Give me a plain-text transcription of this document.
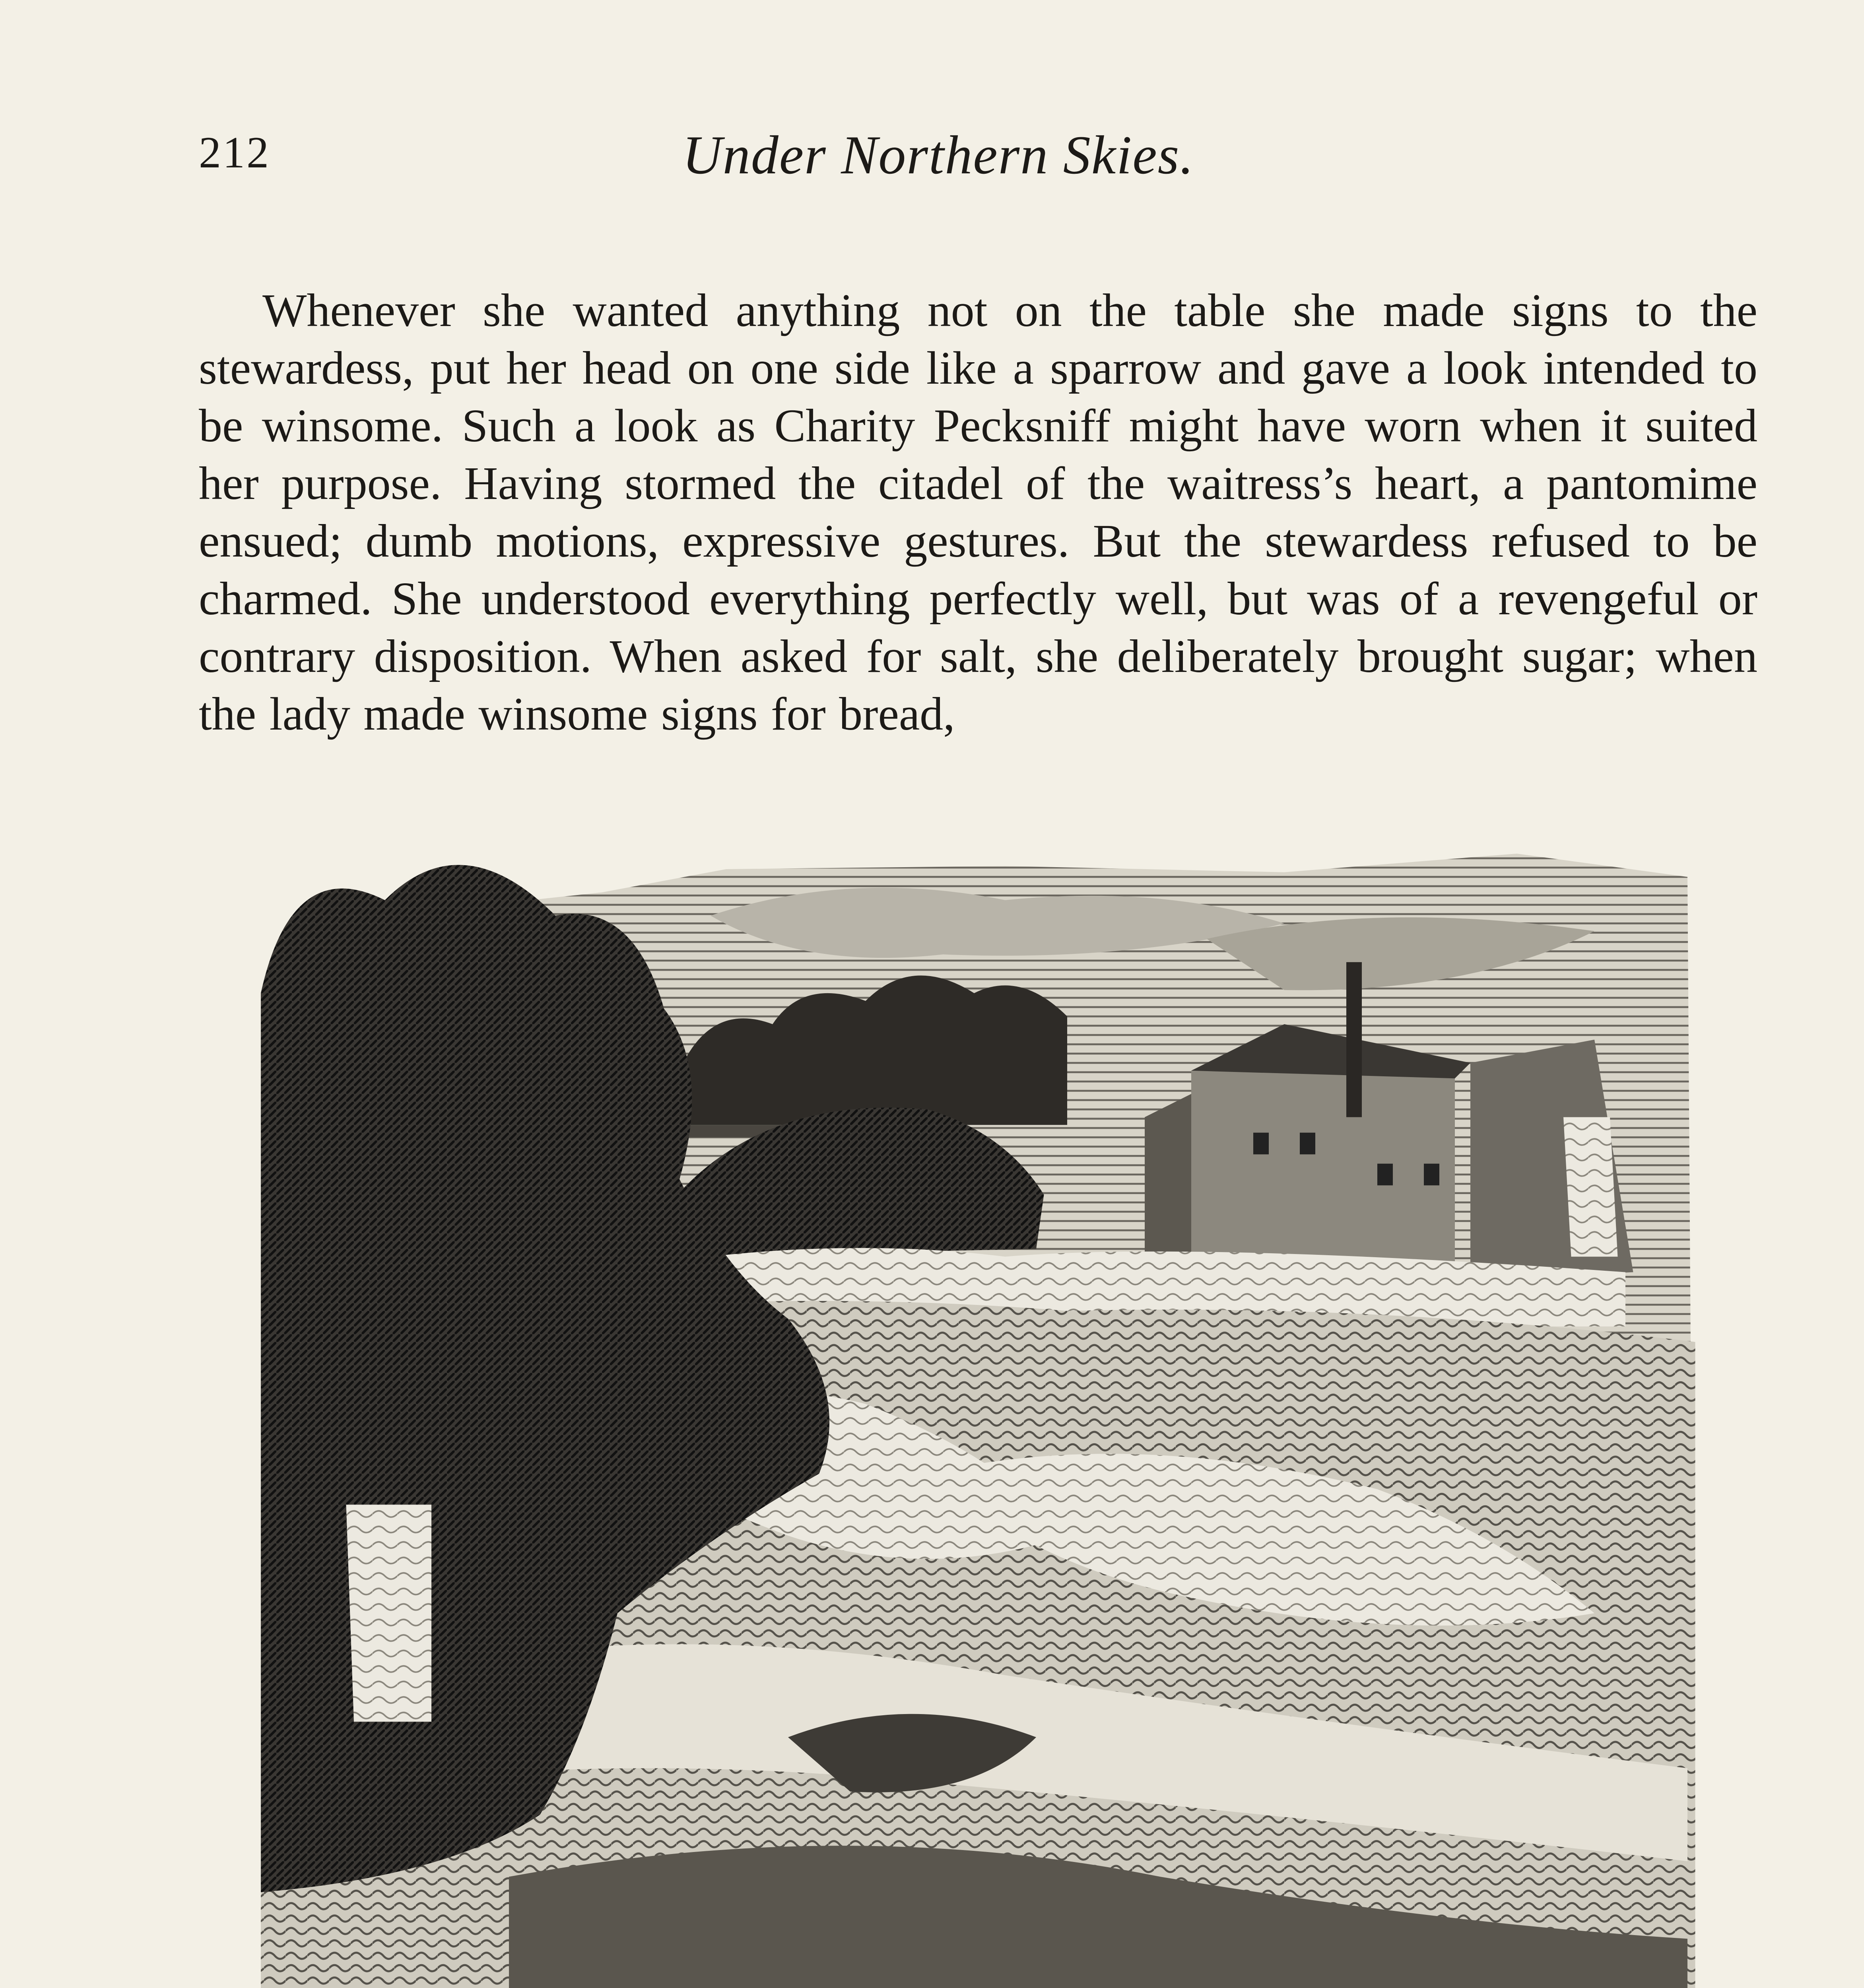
212	Under Northern Skies.

Whenever she wanted anything not on the table she made signs to the stewardess, put her head on one side like a sparrow and gave a look intended to be winsome. Such a look as Charity Pecksniff might have worn when it suited her purpose. Having stormed the citadel of the waitress’s heart, a pantomime ensued; dumb motions, expressive gestures. But the stewardess refused to be charmed. She understood everything perfectly well, but was of a revengeful or contrary disposition. When asked for salt, she deliberately brought sugar; when the lady made winsome signs for bread,
